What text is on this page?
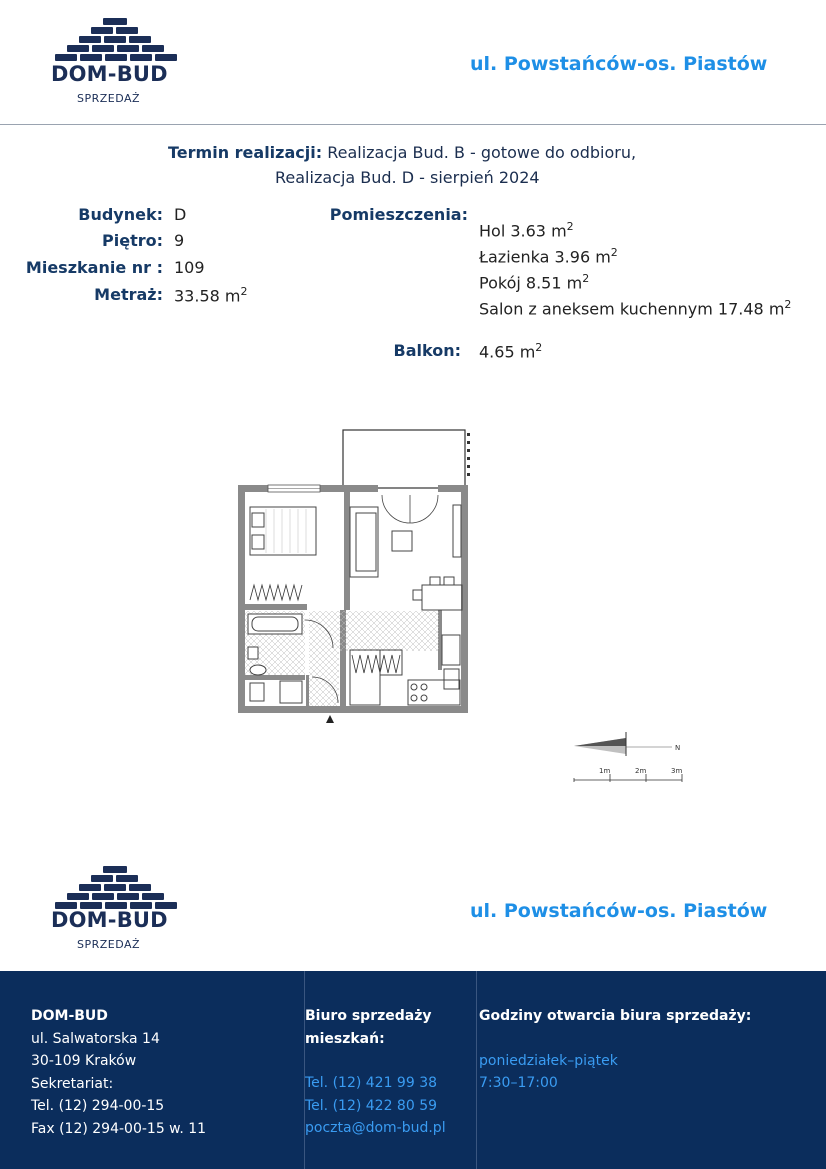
DOM-BUD
SPRZEDAŻ
ul. Powstańców-os. Piastów
Termin realizacji: Realizacja Bud. B - gotowe do odbioru,
Realizacja Bud. D - sierpień 2024
Budynek: D
Piętro: 9
Mieszkanie nr : 109
Metraż: 33.58 $m^2$
Pomieszczenia:
Hol 3.63 $m^2$
Łazienka 3.96 $m^2$
Pokój 8.51 $m^2$
Salon z aneksem kuchennym 17.48 $m^2$
Balkon: 4.65 $m^2$
N
1m	2m	3m
DOM-BUD
SPRZEDAŻ
ul. Powstańców-os. Piastów
DOM-BUD
ul. Salwatorska 14
30-109 Kraków
Sekretariat:
Tel. (12) 294-00-15
Fax (12) 294-00-15 w. 11
Biuro sprzedaży
mieszkań:
Tel. (12) 421 99 38
Tel. (12) 422 80 59
poczta@dom-bud.pl
Godziny otwarcia biura sprzedaży:
poniedziałek–piątek
7:30–17:00
